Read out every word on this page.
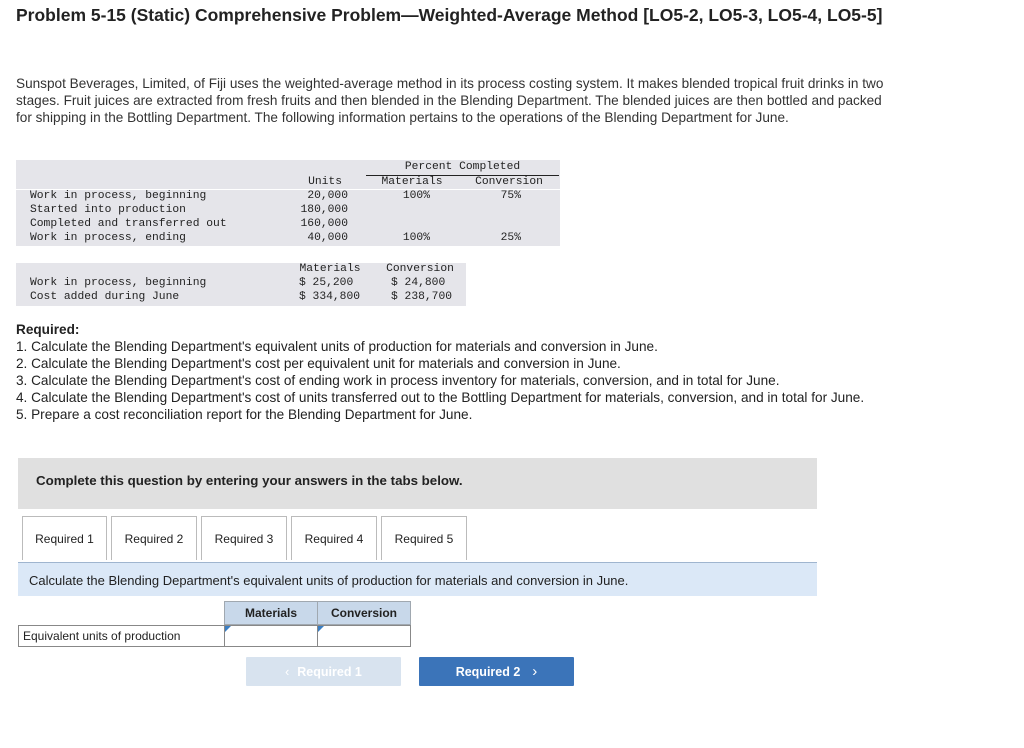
Problem 5-15 (Static) Comprehensive Problem—Weighted-Average Method [LO5-2, LO5-3, LO5-4, LO5-5]
Sunspot Beverages, Limited, of Fiji uses the weighted-average method in its process costing system. It makes blended tropical fruit drinks in two stages. Fruit juices are extracted from fresh fruits and then blended in the Blending Department. The blended juices are then bottled and packed for shipping in the Bottling Department. The following information pertains to the operations of the Blending Department for June.
Percent Completed
Units	Materials	Conversion
Work in process, beginning	20,000	100%	75%
Started into production	180,000
Completed and transferred out	160,000
Work in process, ending	40,000	100%	25%
Materials	Conversion
Work in process, beginning	$ 25,200	$ 24,800
Cost added during June	$ 334,800	$ 238,700
Required:

1. Calculate the Blending Department's equivalent units of production for materials and conversion in June.

2. Calculate the Blending Department's cost per equivalent unit for materials and conversion in June.

3. Calculate the Blending Department's cost of ending work in process inventory for materials, conversion, and in total for June.

4. Calculate the Blending Department's cost of units transferred out to the Bottling Department for materials, conversion, and in total for June.

5. Prepare a cost reconciliation report for the Blending Department for June.

Complete this question by entering your answers in the tabs below.
Required 1	Required 2	Required 3	Required 4	Required 5
Calculate the Blending Department's equivalent units of production for materials and conversion in June.
Materials	Conversion
Equivalent units of production
‹ Required 1	Required 2 ›
